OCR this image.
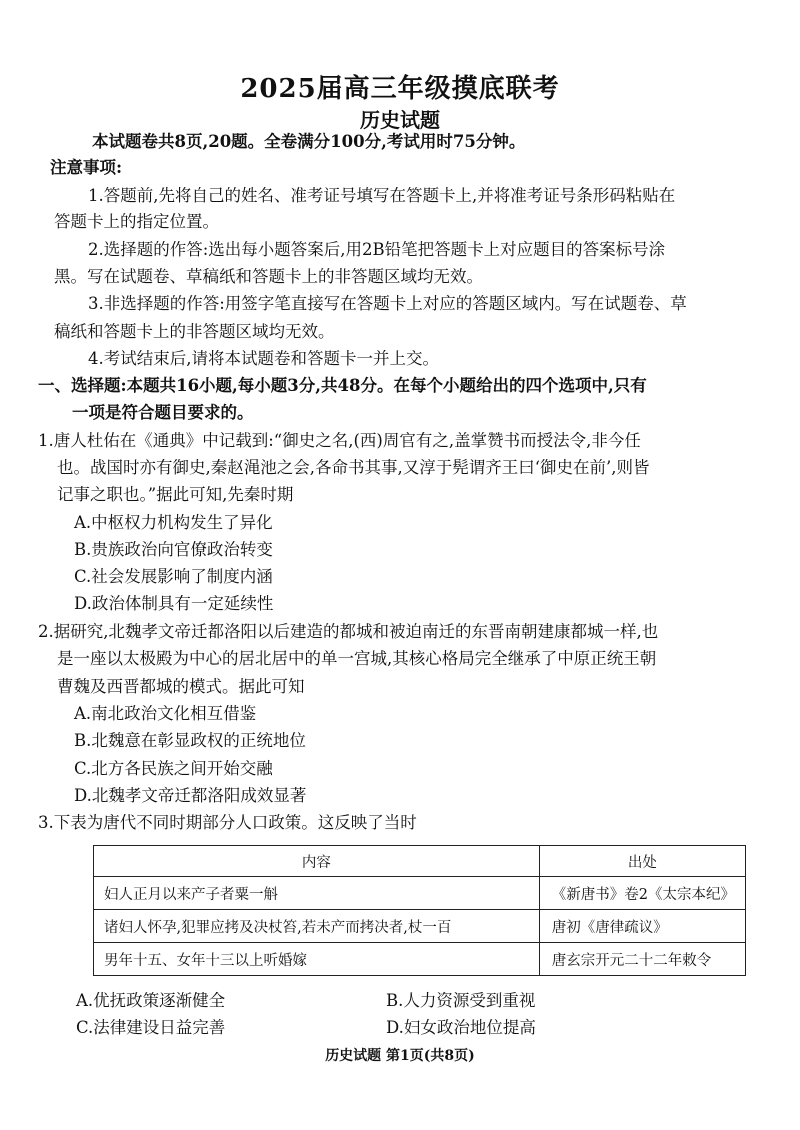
2025届高三年级摸底联考
历史试题
本试题卷共8页,20题。全卷满分100分,考试用时75分钟。
注意事项:
1.答题前,先将自己的姓名、准考证号填写在答题卡上,并将准考证号条形码粘贴在
答题卡上的指定位置。
2.选择题的作答:选出每小题答案后,用2B铅笔把答题卡上对应题目的答案标号涂
黑。写在试题卷、草稿纸和答题卡上的非答题区域均无效。
3.非选择题的作答:用签字笔直接写在答题卡上对应的答题区域内。写在试题卷、草
稿纸和答题卡上的非答题区域均无效。
4.考试结束后,请将本试题卷和答题卡一并上交。
一、选择题:本题共16小题,每小题3分,共48分。在每个小题给出的四个选项中,只有
一项是符合题目要求的。
1.唐人杜佑在《通典》中记载到:“御史之名,(西)周官有之,盖掌赞书而授法令,非今任
也。战国时亦有御史,秦赵渑池之会,各命书其事,又淳于髡谓齐王曰‘御史在前’,则皆
记事之职也。”据此可知,先秦时期
A.中枢权力机构发生了异化
B.贵族政治向官僚政治转变
C.社会发展影响了制度内涵
D.政治体制具有一定延续性
2.据研究,北魏孝文帝迁都洛阳以后建造的都城和被迫南迁的东晋南朝建康都城一样,也
是一座以太极殿为中心的居北居中的单一宫城,其核心格局完全继承了中原正统王朝
曹魏及西晋都城的模式。据此可知
A.南北政治文化相互借鉴
B.北魏意在彰显政权的正统地位
C.北方各民族之间开始交融
D.北魏孝文帝迁都洛阳成效显著
3.下表为唐代不同时期部分人口政策。这反映了当时
内容	出处
妇人正月以来产子者粟一斛	《新唐书》卷2《太宗本纪》
诸妇人怀孕,犯罪应拷及决杖笞,若未产而拷决者,杖一百	唐初《唐律疏议》
男年十五、女年十三以上听婚嫁	唐玄宗开元二十二年敕令
A.优抚政策逐渐健全	B.人力资源受到重视
C.法律建设日益完善	D.妇女政治地位提高
历史试题 第1页(共8页)
